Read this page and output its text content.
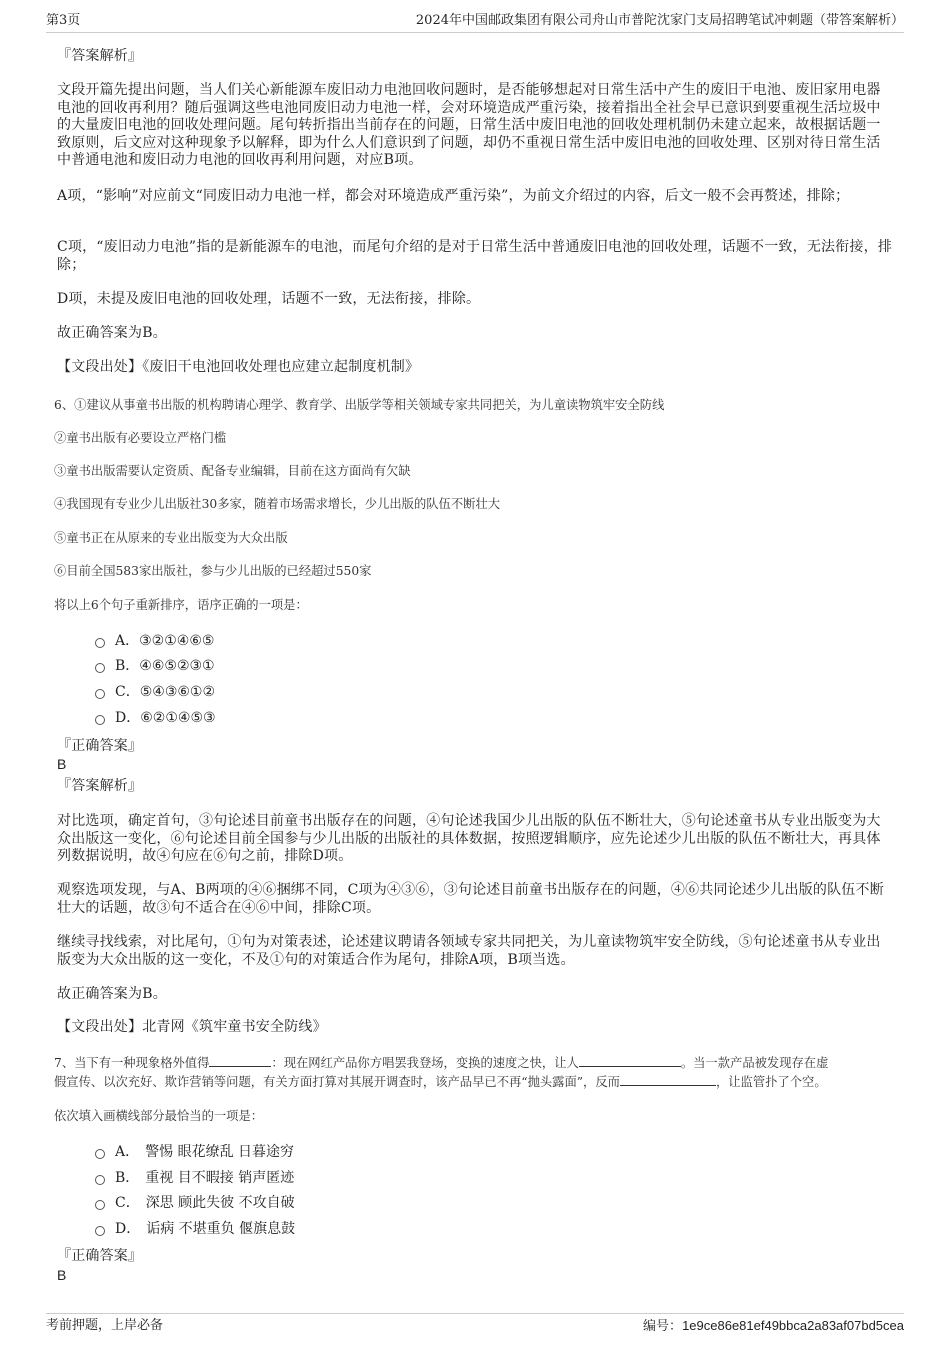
第3页	2024年中国邮政集团有限公司舟山市普陀沈家门支局招聘笔试冲刺题（带答案解析）
『答案解析』
文段开篇先提出问题，当人们关心新能源车废旧动力电池回收问题时，是否能够想起对日常生活中产生的废旧干电池、废旧家用电器电池的回收再利用？随后强调这些电池同废旧动力电池一样，会对环境造成严重污染，接着指出全社会早已意识到要重视生活垃圾中的大量废旧电池的回收处理问题。尾句转折指出当前存在的问题，日常生活中废旧电池的回收处理机制仍未建立起来，故根据话题一致原则，后文应对这种现象予以解释，即为什么人们意识到了问题，却仍不重视日常生活中废旧电池的回收处理、区别对待日常生活中普通电池和废旧动力电池的回收再利用问题，对应B项。
A项，“影响”对应前文“同废旧动力电池一样，都会对环境造成严重污染”，为前文介绍过的内容，后文一般不会再赘述，排除；
C项，“废旧动力电池”指的是新能源车的电池，而尾句介绍的是对于日常生活中普通废旧电池的回收处理，话题不一致，无法衔接，排除；
D项，未提及废旧电池的回收处理，话题不一致，无法衔接，排除。
故正确答案为B。
【文段出处】《废旧干电池回收处理也应建立起制度机制》
6、①建议从事童书出版的机构聘请心理学、教育学、出版学等相关领域专家共同把关，为儿童读物筑牢安全防线
②童书出版有必要设立严格门槛
③童书出版需要认定资质、配备专业编辑，目前在这方面尚有欠缺
④我国现有专业少儿出版社30多家，随着市场需求增长，少儿出版的队伍不断壮大
⑤童书正在从原来的专业出版变为大众出版
⑥目前全国583家出版社，参与少儿出版的已经超过550家
将以上6个句子重新排序，语序正确的一项是：
A． ③②①④⑥⑤
B． ④⑥⑤②③①
C． ⑤④③⑥①②
D． ⑥②①④⑤③
『正确答案』
B
『答案解析』
对比选项，确定首句，③句论述目前童书出版存在的问题，④句论述我国少儿出版的队伍不断壮大，⑤句论述童书从专业出版变为大众出版这一变化，⑥句论述目前全国参与少儿出版的出版社的具体数据，按照逻辑顺序，应先论述少儿出版的队伍不断壮大，再具体列数据说明，故④句应在⑥句之前，排除D项。
观察选项发现，与A、B两项的④⑥捆绑不同，C项为④③⑥，③句论述目前童书出版存在的问题，④⑥共同论述少儿出版的队伍不断壮大的话题，故③句不适合在④⑥中间，排除C项。
继续寻找线索，对比尾句，①句为对策表述，论述建议聘请各领域专家共同把关，为儿童读物筑牢安全防线，⑤句论述童书从专业出版变为大众出版的这一变化，不及①句的对策适合作为尾句，排除A项，B项当选。
故正确答案为B。
【文段出处】北青网《筑牢童书安全防线》
7、当下有一种现象格外值得	：现在网红产品你方唱罢我登场，变换的速度之快，让人	。当一款产品被发现存在虚
假宣传、以次充好、欺诈营销等问题，有关方面打算对其展开调查时，该产品早已不再“抛头露面”，反而	，让监管扑了个空。
依次填入画横线部分最恰当的一项是：
A． 警惕 眼花缭乱 日暮途穷
B． 重视 目不暇接 销声匿迹
C． 深思 顾此失彼 不攻自破
D． 诟病 不堪重负 偃旗息鼓
『正确答案』
B
考前押题，上岸必备	编号：1e9ce86e81ef49bbca2a83af07bd5cea
